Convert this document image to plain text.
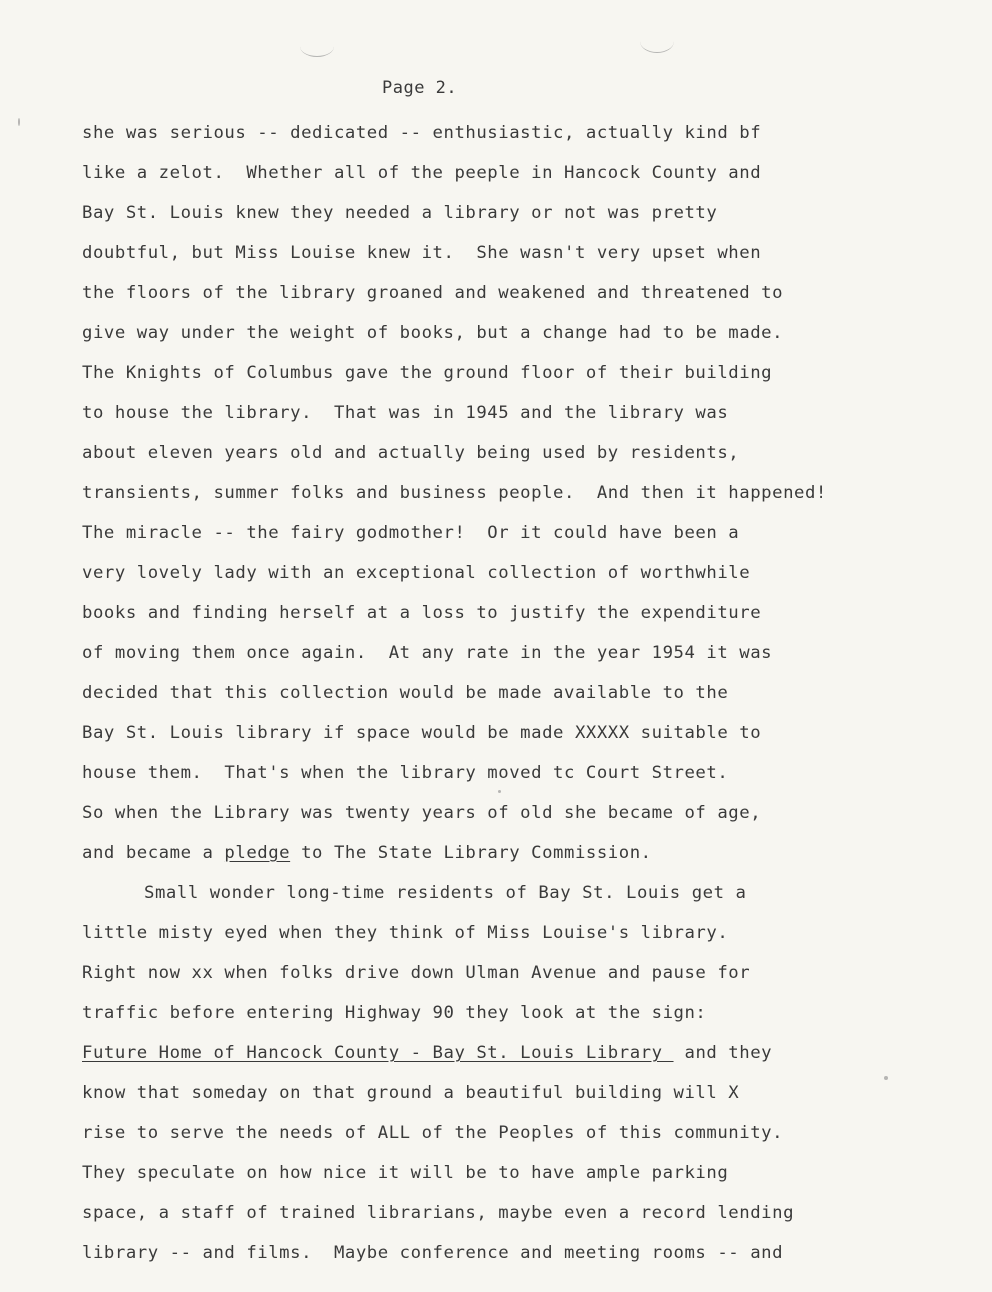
Page 2.
she was serious -- dedicated -- enthusiastic, actually kind bf
like a zelot.  Whether all of the peeple in Hancock County and
Bay St. Louis knew they needed a library or not was pretty
doubtful, but Miss Louise knew it.  She wasn't very upset when
the floors of the library groaned and weakened and threatened to
give way under the weight of books, but a change had to be made.
The Knights of Columbus gave the ground floor of their building
to house the library.  That was in 1945 and the library was
about eleven years old and actually being used by residents,
transients, summer folks and business people.  And then it happened!
The miracle -- the fairy godmother!  Or it could have been a
very lovely lady with an exceptional collection of worthwhile
books and finding herself at a loss to justify the expenditure
of moving them once again.  At any rate in the year 1954 it was
decided that this collection would be made available to the
Bay St. Louis library if space would be made XXXXX suitable to
house them.  That's when the library moved tc Court Street.
So when the Library was twenty years of old she became of age,
and became a pledge to The State Library Commission.
Small wonder long-time residents of Bay St. Louis get a
little misty eyed when they think of Miss Louise's library.
Right now xx when folks drive down Ulman Avenue and pause for
traffic before entering Highway 90 they look at the sign:
Future Home of Hancock County - Bay St. Louis Library  and they
know that someday on that ground a beautiful building will X
rise to serve the needs of ALL of the Peoples of this community.
They speculate on how nice it will be to have ample parking
space, a staff of trained librarians, maybe even a record lending
library -- and films.  Maybe conference and meeting rooms -- and
